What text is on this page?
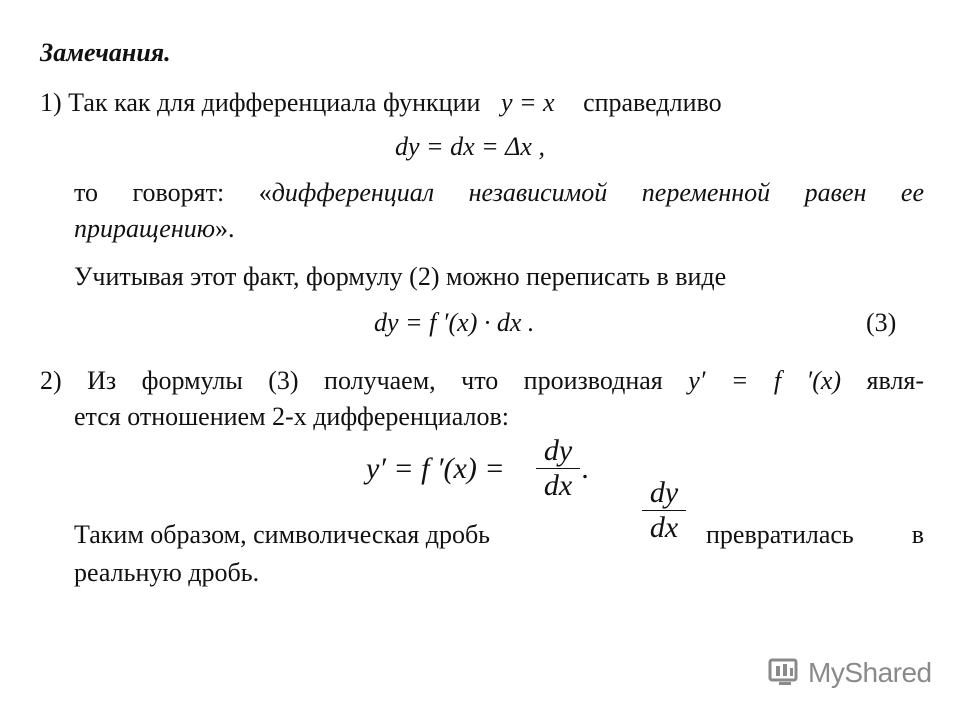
Замечания.
1) Так как для дифференциала функции y = x справедливо
dy = dx = Δx ,
то говорят: «дифференциал независимой переменной равен ее
приращению».
Учитывая этот факт, формулу (2) можно переписать в виде
dy = f ′(x) · dx .	(3)
2) Из формулы (3) получаем, что производная y′ = f ′(x) явля-
ется отношением 2-х дифференциалов:
y′ = f ′(x) =
dy
dx
.
Таким образом, символическая дробь
dy
dx	превратилась в
реальную дробь.
MyShared
